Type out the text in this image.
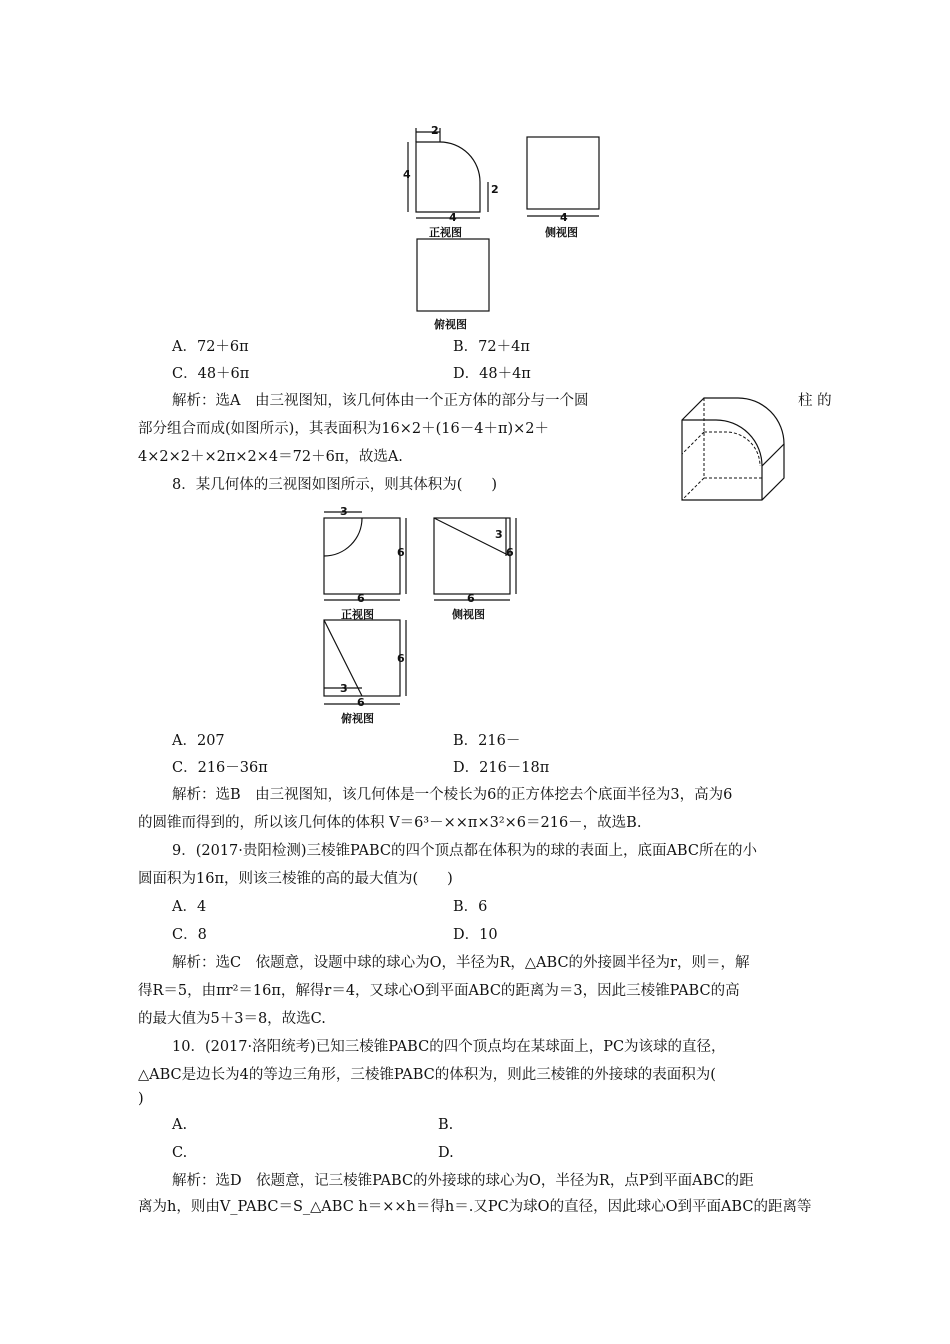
2
4
2
4
正视图
4
侧视图
俯视图
A．72＋6π	B．72＋4π
C．48＋6π	D．48＋4π
解析：选A　由三视图知，该几何体由一个正方体的部分与一个圆	柱 的
部分组合而成(如图所示)，其表面积为16×2＋(16－4＋π)×2＋
4×2×2＋×2π×2×4＝72＋6π，故选A.
8．某几何体的三视图如图所示，则其体积为(　　)
3
6
6
正视图
3
6
6
侧视图
6
3
6
俯视图
A．207	B．216－
C．216－36π	D．216－18π
解析：选B　由三视图知，该几何体是一个棱长为6的正方体挖去个底面半径为3，高为6
的圆锥而得到的，所以该几何体的体积 V＝6³－××π×3²×6＝216－，故选B.
9．(2017·贵阳检测)三棱锥PABC的四个顶点都在体积为的球的表面上，底面ABC所在的小
圆面积为16π，则该三棱锥的高的最大值为(　　)
A．4	B．6
C．8	D．10
解析：选C　依题意，设题中球的球心为O，半径为R，△ABC的外接圆半径为r，则＝，解
得R＝5，由πr²＝16π，解得r＝4，又球心O到平面ABC的距离为＝3，因此三棱锥PABC的高
的最大值为5＋3＝8，故选C.
10．(2017·洛阳统考)已知三棱锥PABC的四个顶点均在某球面上，PC为该球的直径，
△ABC是边长为4的等边三角形，三棱锥PABC的体积为，则此三棱锥的外接球的表面积为(
)
A.	B.
C.	D.
解析：选D　依题意，记三棱锥PABC的外接球的球心为O，半径为R，点P到平面ABC的距
离为h，则由V_PABC＝S_△ABC h＝××h＝得h＝.又PC为球O的直径，因此球心O到平面ABC的距离等
